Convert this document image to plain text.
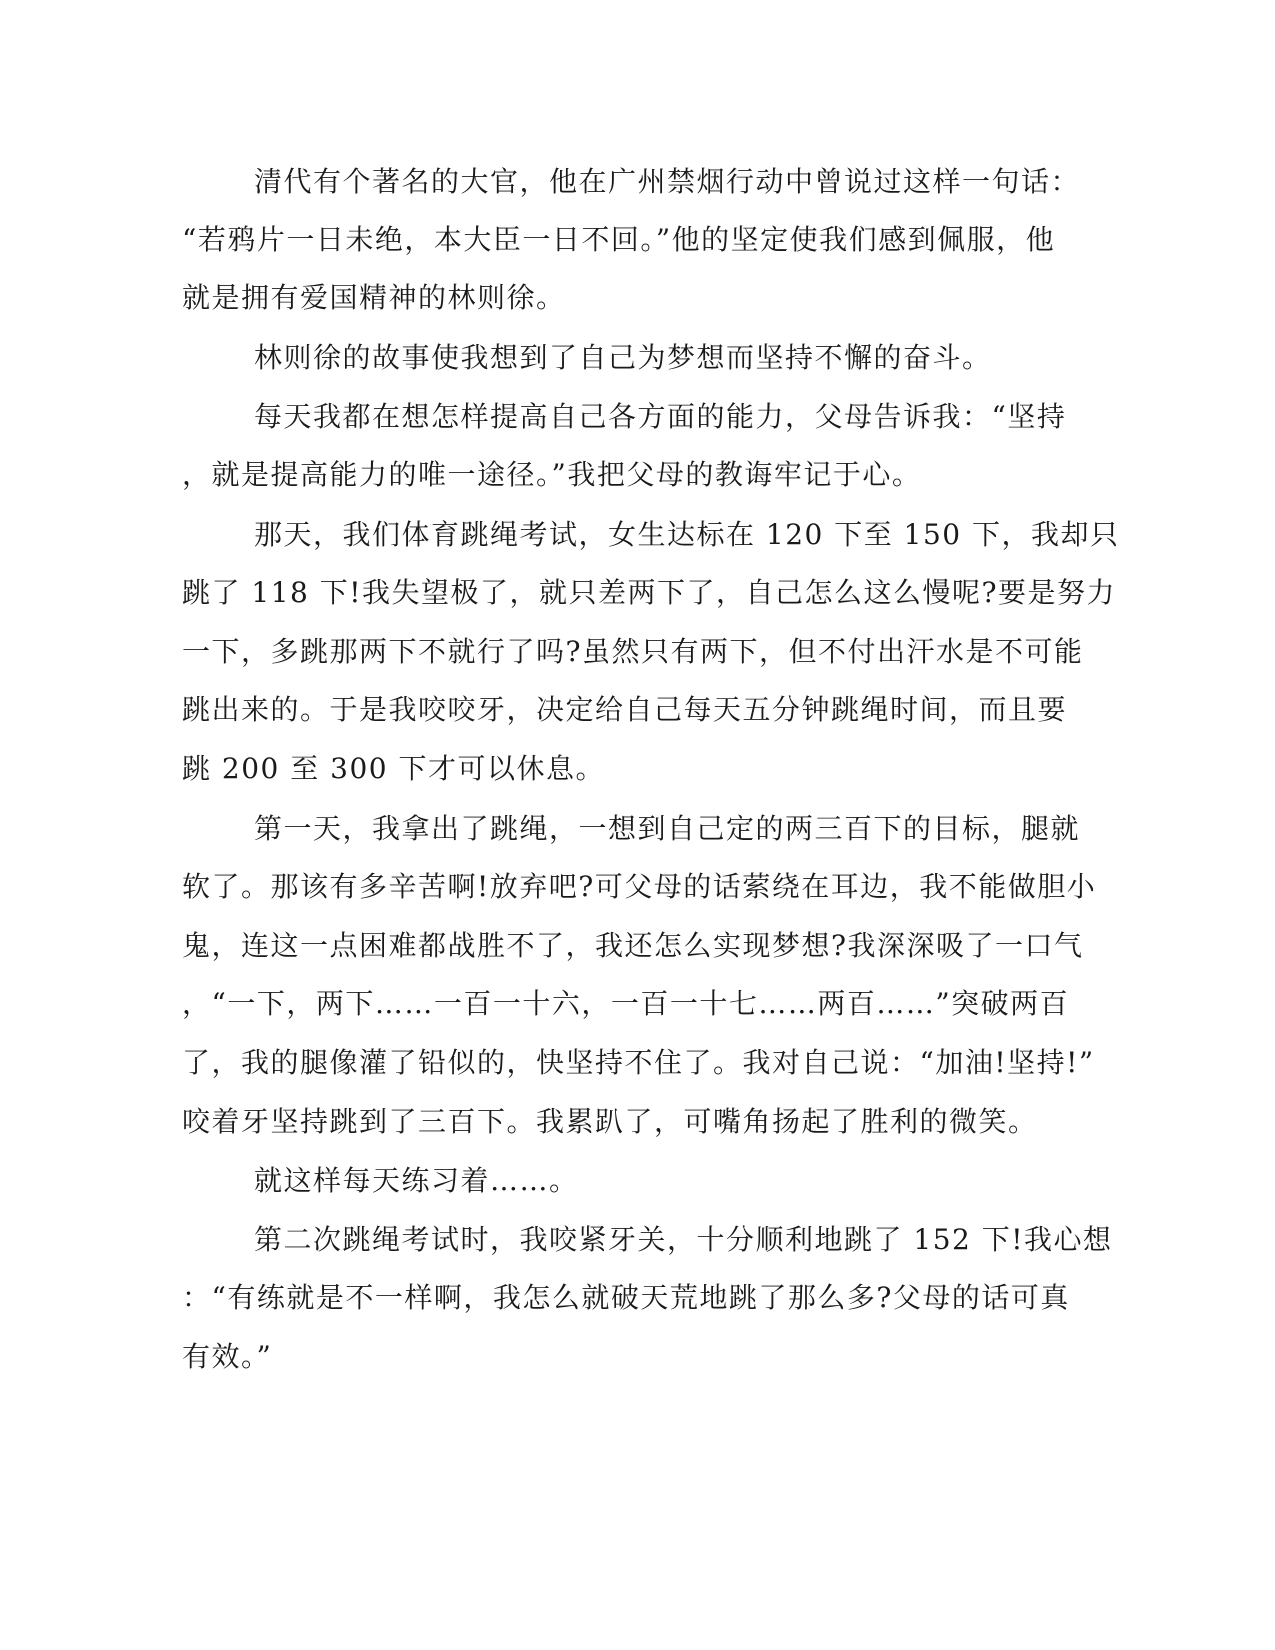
清代有个著名的大官，他在广州禁烟行动中曾说过这样一句话：
“若鸦片一日未绝，本大臣一日不回。”他的坚定使我们感到佩服，他
就是拥有爱国精神的林则徐。
林则徐的故事使我想到了自己为梦想而坚持不懈的奋斗。
每天我都在想怎样提高自己各方面的能力，父母告诉我：“坚持
，就是提高能力的唯一途径。”我把父母的教诲牢记于心。
那天，我们体育跳绳考试，女生达标在 120 下至 150 下，我却只
跳了 118 下!我失望极了，就只差两下了，自己怎么这么慢呢?要是努力
一下，多跳那两下不就行了吗?虽然只有两下，但不付出汗水是不可能
跳出来的。于是我咬咬牙，决定给自己每天五分钟跳绳时间，而且要
跳 200 至 300 下才可以休息。
第一天，我拿出了跳绳，一想到自己定的两三百下的目标，腿就
软了。那该有多辛苦啊!放弃吧?可父母的话萦绕在耳边，我不能做胆小
鬼，连这一点困难都战胜不了，我还怎么实现梦想?我深深吸了一口气
，“一下，两下……一百一十六，一百一十七……两百……”突破两百
了，我的腿像灌了铅似的，快坚持不住了。我对自己说：“加油!坚持!”
咬着牙坚持跳到了三百下。我累趴了，可嘴角扬起了胜利的微笑。
就这样每天练习着……。
第二次跳绳考试时，我咬紧牙关，十分顺利地跳了 152 下!我心想
：“有练就是不一样啊，我怎么就破天荒地跳了那么多?父母的话可真
有效。”
